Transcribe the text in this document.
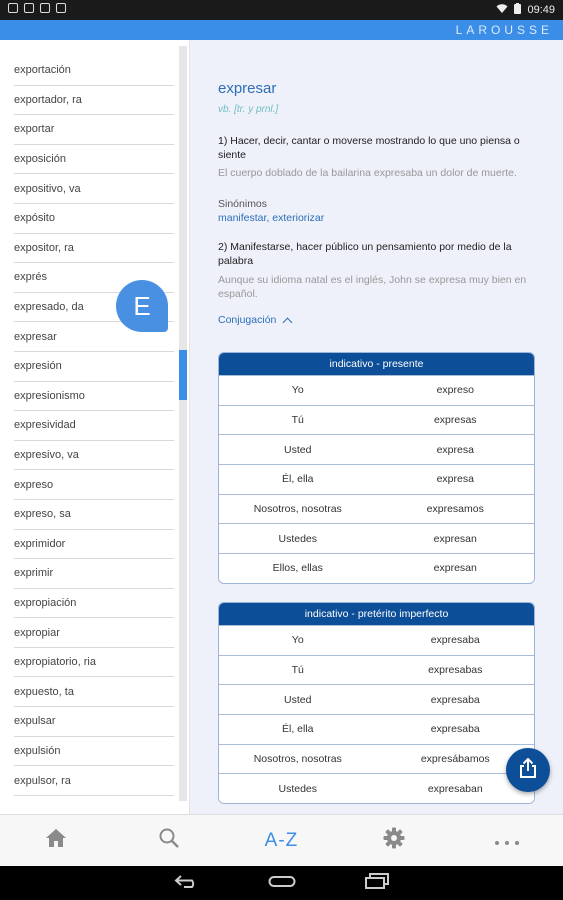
09:49
LAROUSSE
exportación
exportador, ra
exportar
exposición
expositivo, va
expósito
expositor, ra
exprés
expresado, da
expresar
expresión
expresionismo
expresividad
expresivo, va
expreso
expreso, sa
exprimidor
exprimir
expropiación
expropiar
expropiatorio, ria
expuesto, ta
expulsar
expulsión
expulsor, ra
E
expresar
vb. [tr. y prnl.]
1) Hacer, decir, cantar o moverse mostrando lo que uno piensa o siente
El cuerpo doblado de la bailarina expresaba un dolor de muerte.
Sinónimos
manifestar, exteriorizar
2) Manifestarse, hacer público un pensamiento por medio de la palabra
Aunque su idioma natal es el inglés, John se expresa muy bien en español.
Conjugación
indicativo - presente
Yo	expreso
Tú	expresas
Usted	expresa
Él, ella	expresa
Nosotros, nosotras	expresamos
Ustedes	expresan
Ellos, ellas	expresan
indicativo - pretérito imperfecto
Yo	expresaba
Tú	expresabas
Usted	expresaba
Él, ella	expresaba
Nosotros, nosotras	expresábamos
Ustedes	expresaban
A-Z
